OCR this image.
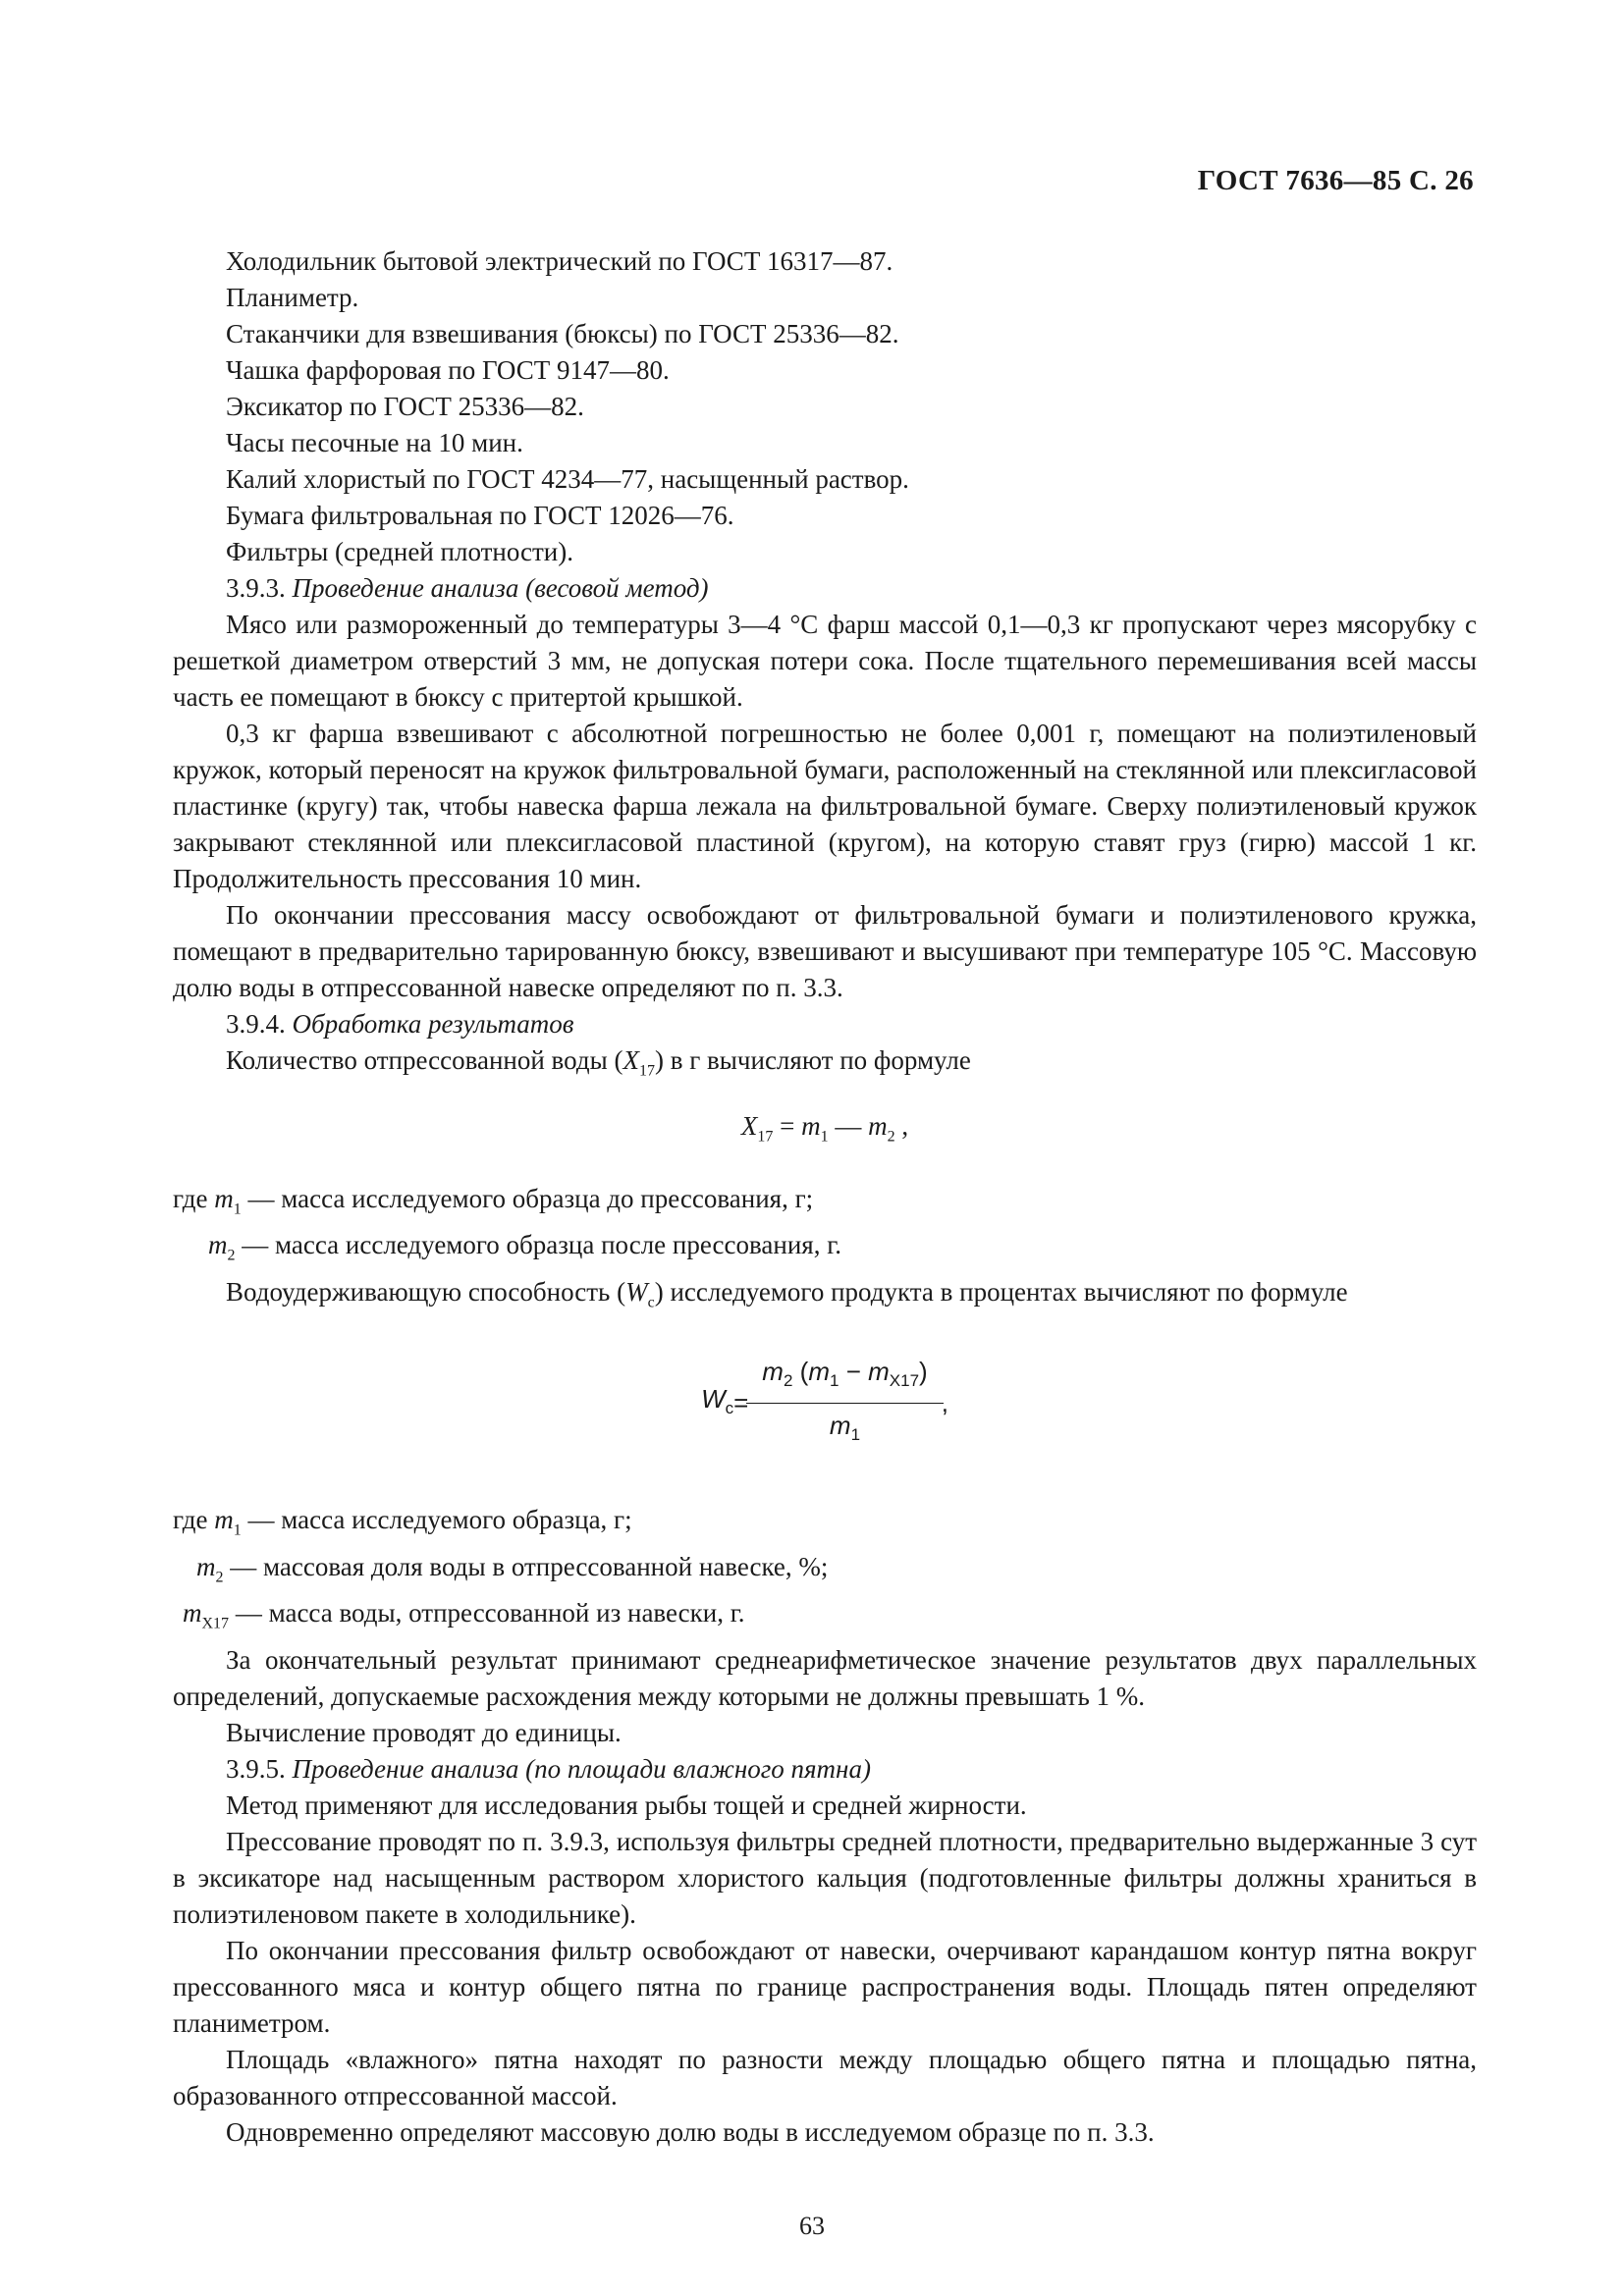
ГОСТ 7636—85 С. 26

Холодильник бытовой электрический по ГОСТ 16317—87.

Планиметр.

Стаканчики для взвешивания (бюксы) по ГОСТ 25336—82.

Чашка фарфоровая по ГОСТ 9147—80.

Эксикатор по ГОСТ 25336—82.

Часы песочные на 10 мин.

Калий хлористый по ГОСТ 4234—77, насыщенный раствор.

Бумага фильтровальная по ГОСТ 12026—76.

Фильтры (средней плотности).

3.9.3. Проведение анализа (весовой метод)

Мясо или размороженный до температуры 3—4 °С фарш массой 0,1—0,3 кг пропускают через мясорубку с решеткой диаметром отверстий 3 мм, не допуская потери сока. После тщательного перемешивания всей массы часть ее помещают в бюксу с притертой крышкой.

0,3 кг фарша взвешивают с абсолютной погрешностью не более 0,001 г, помещают на полиэтиленовый кружок, который переносят на кружок фильтровальной бумаги, расположенный на стеклянной или плексигласовой пластинке (кругу) так, чтобы навеска фарша лежала на фильтровальной бумаге. Сверху полиэтиленовый кружок закрывают стеклянной или плексигласовой пластиной (кругом), на которую ставят груз (гирю) массой 1 кг. Продолжительность прессования 10 мин.

По окончании прессования массу освобождают от фильтровальной бумаги и полиэтиленового кружка, помещают в предварительно тарированную бюксу, взвешивают и высушивают при температуре 105 °С. Массовую долю воды в отпрессованной навеске определяют по п. 3.3.

3.9.4. Обработка результатов

Количество отпрессованной воды $(X_{17})$ в г вычисляют по формуле

$X_{17} = m_1$ — $m_2$ ,

где $m_1$ — масса исследуемого образца до прессования, г;

$m_2$ — масса исследуемого образца после прессования, г.

Водоудерживающую способность $(W_с)$ исследуемого продукта в процентах вычисляют по формуле

$W_с = \frac{m_2 (m_1 - m_{X17})}{m_1}$ ,

где $m_1$ — масса исследуемого образца, г;

$m_2$ — массовая доля воды в отпрессованной навеске, %;

$m_{X17}$ — масса воды, отпрессованной из навески, г.

За окончательный результат принимают среднеарифметическое значение результатов двух параллельных определений, допускаемые расхождения между которыми не должны превышать 1 %.

Вычисление проводят до единицы.

3.9.5. Проведение анализа (по площади влажного пятна)

Метод применяют для исследования рыбы тощей и средней жирности.

Прессование проводят по п. 3.9.3, используя фильтры средней плотности, предварительно выдержанные 3 сут в эксикаторе над насыщенным раствором хлористого кальция (подготовленные фильтры должны храниться в полиэтиленовом пакете в холодильнике).

По окончании прессования фильтр освобождают от навески, очерчивают карандашом контур пятна вокруг прессованного мяса и контур общего пятна по границе распространения воды. Площадь пятен определяют планиметром.

Площадь «влажного» пятна находят по разности между площадью общего пятна и площадью пятна, образованного отпрессованной массой.

Одновременно определяют массовую долю воды в исследуемом образце по п. 3.3.

63
